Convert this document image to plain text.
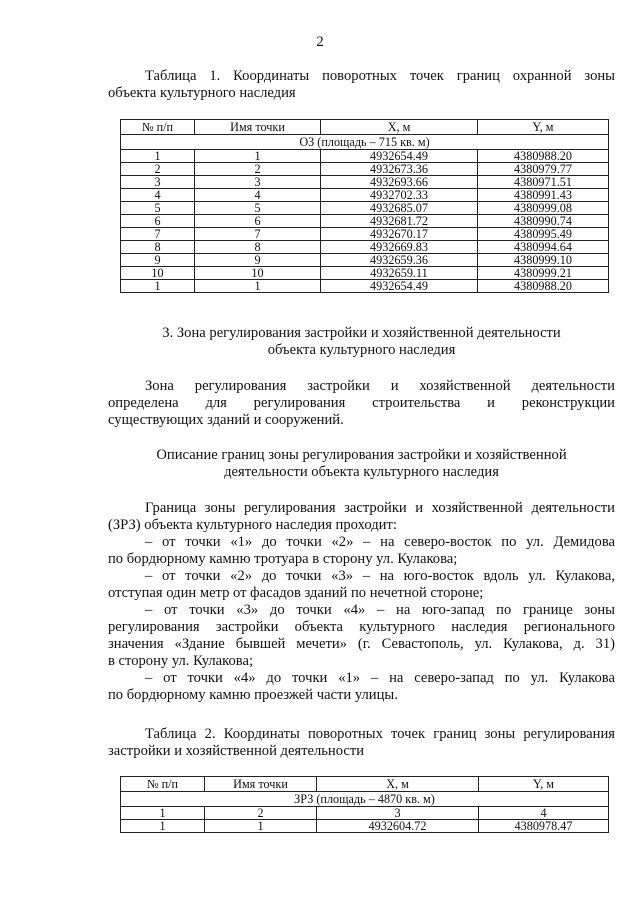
2
Таблица 1. Координаты поворотных точек границ охранной зоны
объекта культурного наследия
№ п/п	Имя точки	X, м	Y, м
ОЗ (площадь – 715 кв. м)			
1	1	4932654.49	4380988.20
2	2	4932673.36	4380979.77
3	3	4932693.66	4380971.51
4	4	4932702.33	4380991.43
5	5	4932685.07	4380999.08
6	6	4932681.72	4380990.74
7	7	4932670.17	4380995.49
8	8	4932669.83	4380994.64
9	9	4932659.36	4380999.10
10	10	4932659.11	4380999.21
1	1	4932654.49	4380988.20
3. Зона регулирования застройки и хозяйственной деятельности
объекта культурного наследия
Зона регулирования застройки и хозяйственной деятельности
определена для регулирования строительства и реконструкции
существующих зданий и сооружений.
Описание границ зоны регулирования застройки и хозяйственной
деятельности объекта культурного наследия
Граница зоны регулирования застройки и хозяйственной деятельности
(ЗРЗ) объекта культурного наследия проходит:
– от точки «1» до точки «2» – на северо-восток по ул. Демидова
по бордюрному камню тротуара в сторону ул. Кулакова;
– от точки «2» до точки «3» – на юго-восток вдоль ул. Кулакова,
отступая один метр от фасадов зданий по нечетной стороне;
– от точки «3» до точки «4» – на юго-запад по границе зоны
регулирования застройки объекта культурного наследия регионального
значения «Здание бывшей мечети» (г. Севастополь, ул. Кулакова, д. 31)
в сторону ул. Кулакова;
– от точки «4» до точки «1» – на северо-запад по ул. Кулакова
по бордюрному камню проезжей части улицы.
Таблица 2. Координаты поворотных точек границ зоны регулирования
застройки и хозяйственной деятельности
№ п/п	Имя точки	X, м	Y, м
ЗРЗ (площадь – 4870 кв. м)			
1	2	3	4
1	1	4932604.72	4380978.47
